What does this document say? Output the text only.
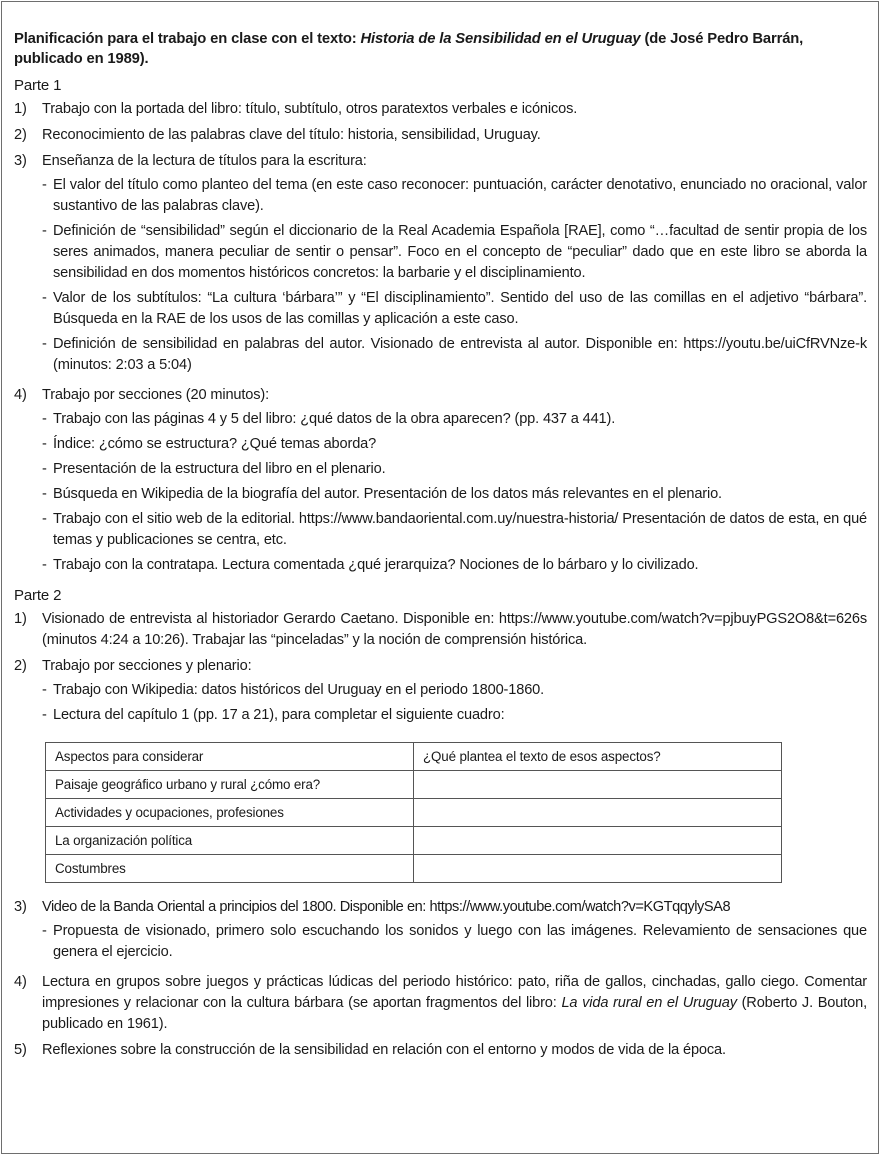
Planificación para el trabajo en clase con el texto: Historia de la Sensibilidad en el Uruguay (de José Pedro Barrán, publicado en 1989).

Parte 1
1)	Trabajo con la portada del libro: título, subtítulo, otros paratextos verbales e icónicos.
2)	Reconocimiento de las palabras clave del título: historia, sensibilidad, Uruguay.
3)	Enseñanza de la lectura de títulos para la escritura:
- El valor del título como planteo del tema (en este caso reconocer: puntuación, carácter denotativo, enunciado no oracional, valor sustantivo de las palabras clave).
- Definición de “sensibilidad” según el diccionario de la Real Academia Española [RAE], como “…facultad de sentir propia de los seres animados, manera peculiar de sentir o pensar”. Foco en el concepto de “peculiar” dado que en este libro se aborda la sensibilidad en dos momentos históricos concretos: la barbarie y el disciplinamiento.
- Valor de los subtítulos: “La cultura ‘bárbara’” y “El disciplinamiento”. Sentido del uso de las comillas en el adjetivo “bárbara”. Búsqueda en la RAE de los usos de las comillas y aplicación a este caso.
- Definición de sensibilidad en palabras del autor. Visionado de entrevista al autor. Disponible en: https://youtu.be/uiCfRVNze-k (minutos: 2:03 a 5:04)
4)	Trabajo por secciones (20 minutos):
- Trabajo con las páginas 4 y 5 del libro: ¿qué datos de la obra aparecen? (pp. 437 a 441).
- Índice: ¿cómo se estructura? ¿Qué temas aborda?
- Presentación de la estructura del libro en el plenario.
- Búsqueda en Wikipedia de la biografía del autor. Presentación de los datos más relevantes en el plenario.
- Trabajo con el sitio web de la editorial. https://www.bandaoriental.com.uy/nuestra-historia/ Presentación de datos de esta, en qué temas y publicaciones se centra, etc.
- Trabajo con la contratapa. Lectura comentada ¿qué jerarquiza? Nociones de lo bárbaro y lo civilizado.
Parte 2
1)	Visionado de entrevista al historiador Gerardo Caetano. Disponible en: https://www.youtube.com/watch?v=pjbuyPGS2O8&t=626s (minutos 4:24 a 10:26). Trabajar las “pinceladas” y la noción de comprensión histórica.
2)	Trabajo por secciones y plenario:
- Trabajo con Wikipedia: datos históricos del Uruguay en el periodo 1800-1860.
- Lectura del capítulo 1 (pp. 17 a 21), para completar el siguiente cuadro:
Aspectos para considerar	¿Qué plantea el texto de esos aspectos?
Paisaje geográfico urbano y rural ¿cómo era?	
Actividades y ocupaciones, profesiones	
La organización política	
Costumbres	
3)	Video de la Banda Oriental a principios del 1800. Disponible en: https://www.youtube.com/watch?v=KGTqqylySA8
- Propuesta de visionado, primero solo escuchando los sonidos y luego con las imágenes. Relevamiento de sensaciones que genera el ejercicio.
4)	Lectura en grupos sobre juegos y prácticas lúdicas del periodo histórico: pato, riña de gallos, cinchadas, gallo ciego. Comentar impresiones y relacionar con la cultura bárbara (se aportan fragmentos del libro: La vida rural en el Uruguay (Roberto J. Bouton, publicado en 1961).
5)	Reflexiones sobre la construcción de la sensibilidad en relación con el entorno y modos de vida de la época.
